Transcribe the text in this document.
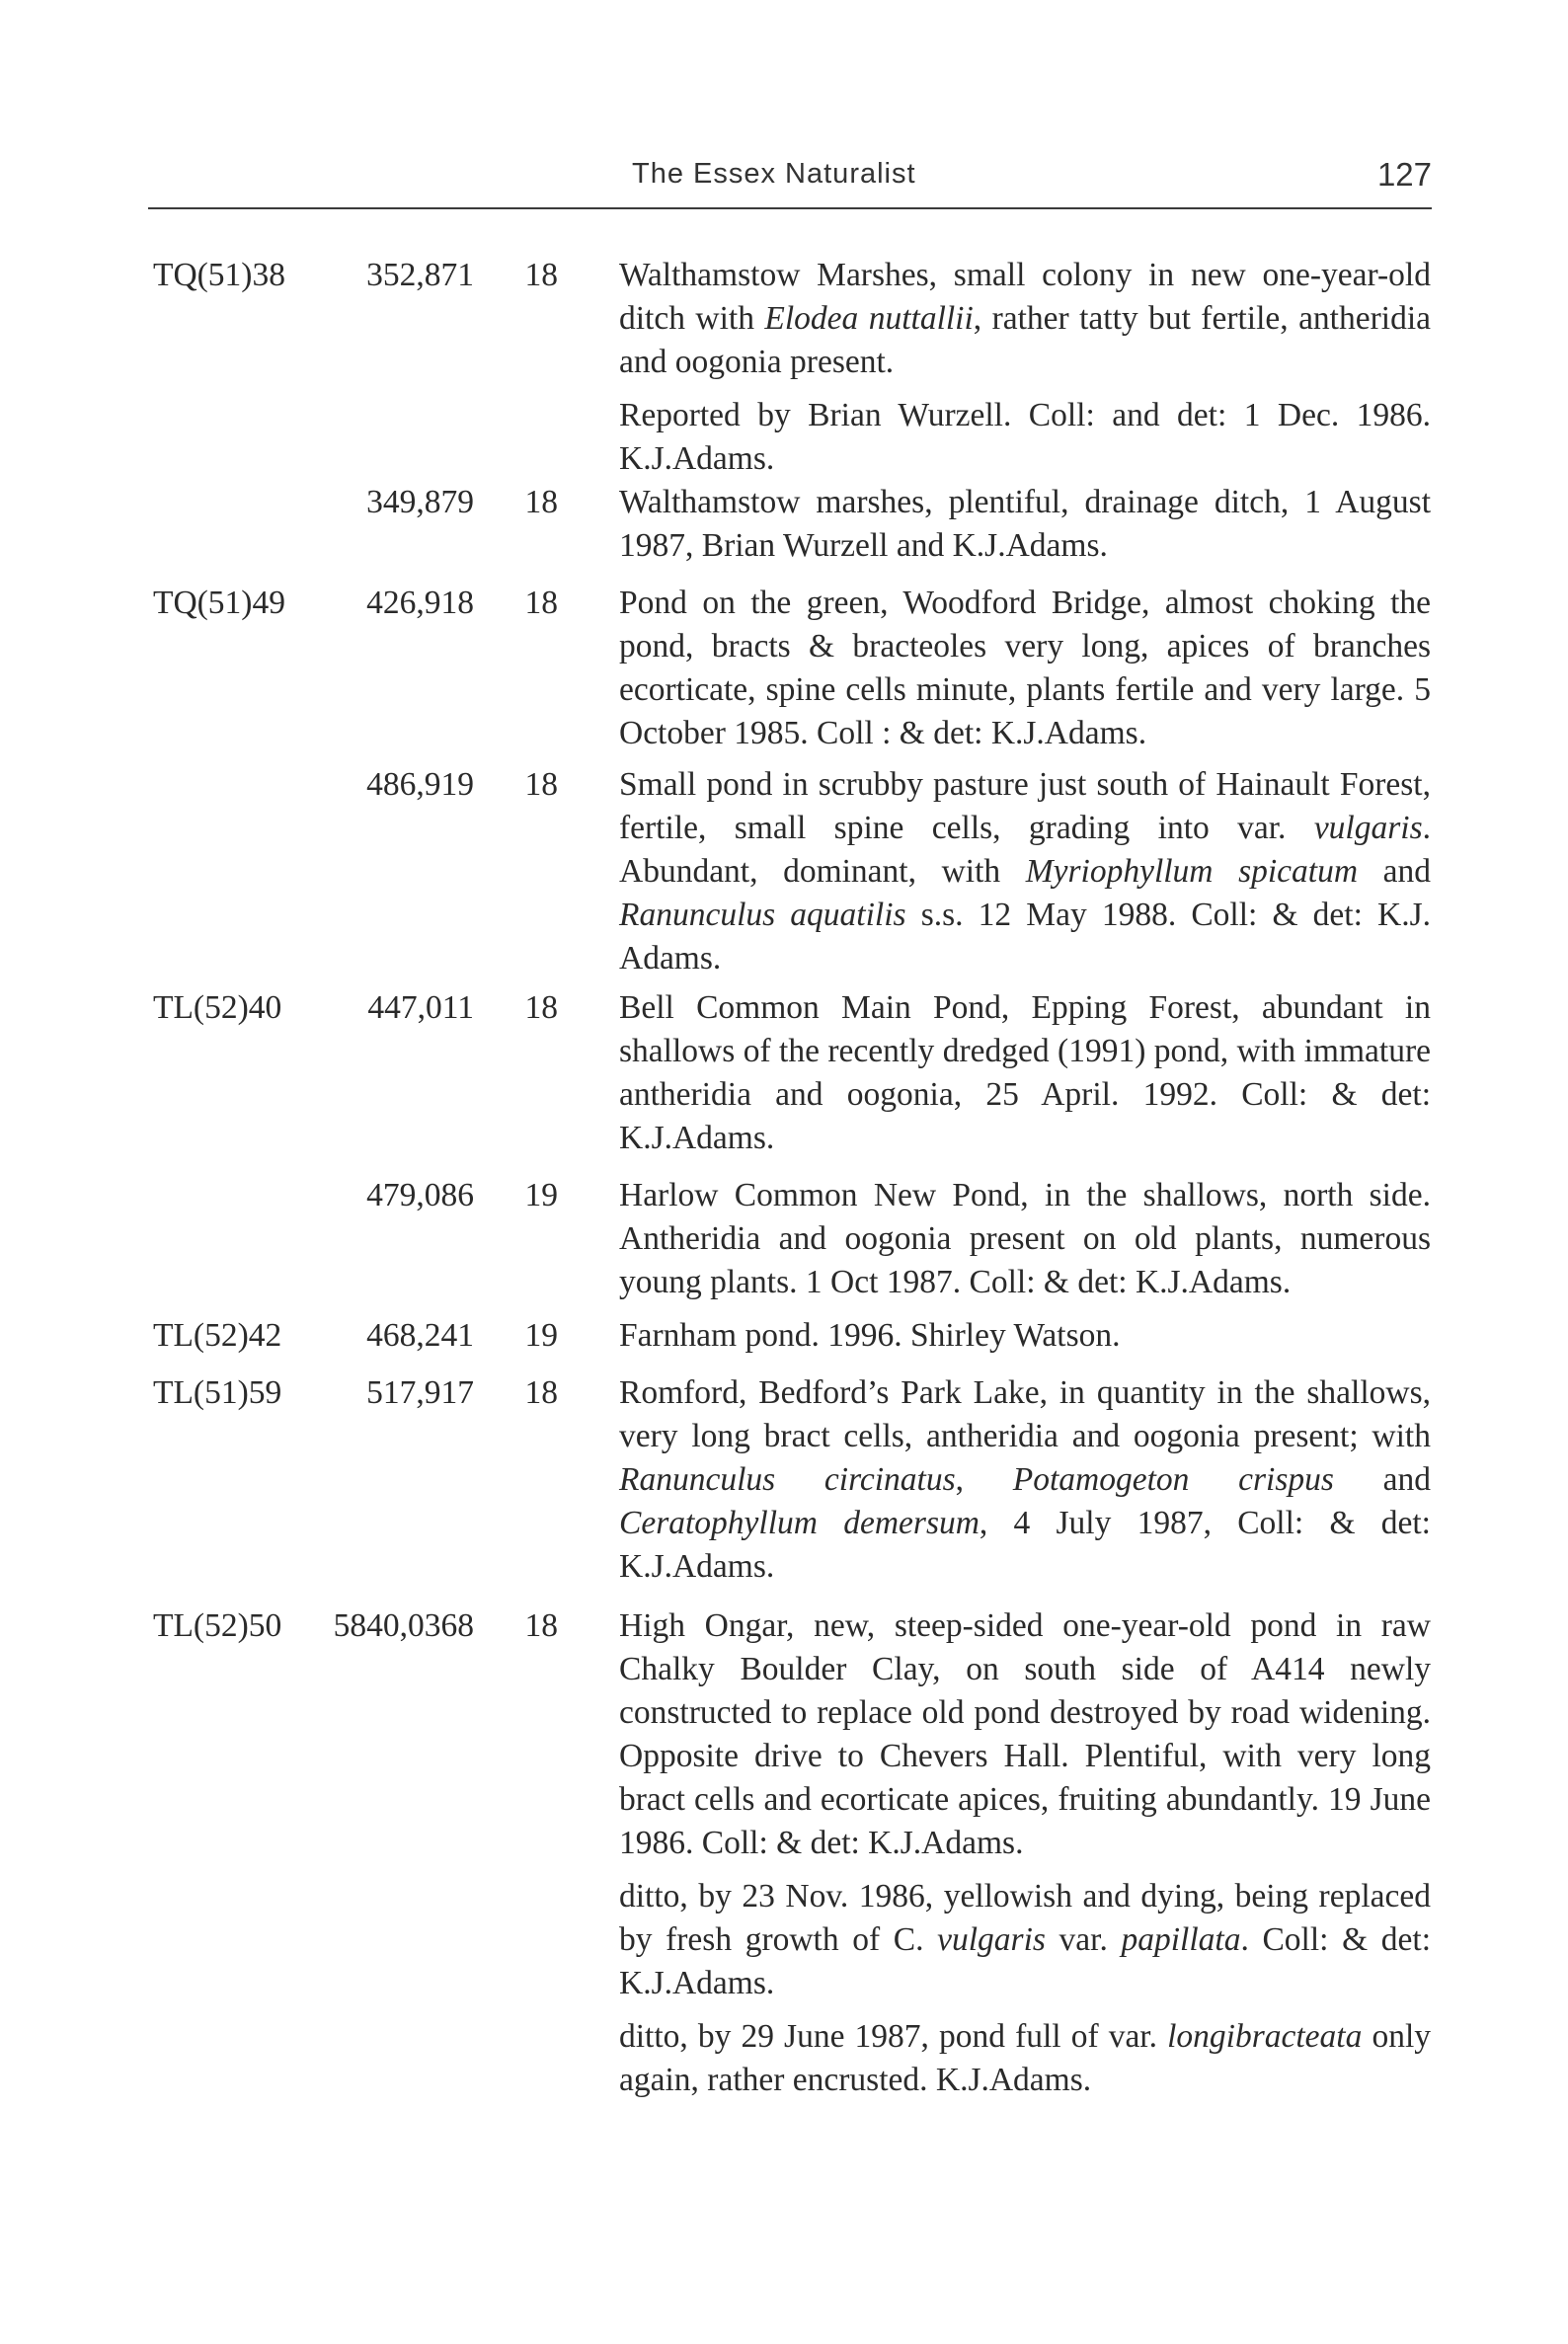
The Essex Naturalist	127
TQ(51)38 352,871 18 Walthamstow Marshes, small colony in new one-year-old ditch with Elodea nuttallii, rather tatty but fertile, antheridia and oogonia present.

Reported by Brian Wurzell. Coll: and det: 1 Dec. 1986. K.J.Adams.

349,879 18 Walthamstow marshes, plentiful, drainage ditch, 1 August 1987, Brian Wurzell and K.J.Adams.

TQ(51)49 426,918 18 Pond on the green, Woodford Bridge, almost choking the pond, bracts & bracteoles very long, apices of branches ecorticate, spine cells minute, plants fertile and very large. 5 October 1985. Coll : & det: K.J.Adams.

486,919 18 Small pond in scrubby pasture just south of Hainault Forest, fertile, small spine cells, grading into var. vulgaris. Abundant, dominant, with Myriophyllum spicatum and Ranunculus aquatilis s.s. 12 May 1988. Coll: & det: K.J. Adams.

TL(52)40	447,011 18 Bell Common Main Pond, Epping Forest, abundant in shallows of the recently dredged (1991) pond, with immature antheridia and oogonia, 25 April. 1992. Coll: & det: K.J.Adams.

479,086 19 Harlow Common New Pond, in the shallows, north side. Antheridia and oogonia present on old plants, numerous young plants. 1 Oct 1987. Coll: & det: K.J.Adams.

TL(52)42	468,241 19 Farnham pond. 1996. Shirley Watson.

TL(51)59	517,917 18 Romford, Bedford’s Park Lake, in quantity in the shallows, very long bract cells, antheridia and oogonia present; with Ranunculus circinatus, Potamogeton crispus and Ceratophyllum demersum, 4 July 1987, Coll: & det: K.J.Adams.

TL(52)50 5840,0368 18 High Ongar, new, steep-sided one-year-old pond in raw Chalky Boulder Clay, on south side of A414 newly constructed to replace old pond destroyed by road widening. Opposite drive to Chevers Hall. Plentiful, with very long bract cells and ecorticate apices, fruiting abundantly. 19 June 1986. Coll: & det: K.J.Adams.

ditto, by 23 Nov. 1986, yellowish and dying, being replaced by fresh growth of C. vulgaris var. papillata. Coll: & det: K.J.Adams.

ditto, by 29 June 1987, pond full of var. longibracteata only again, rather encrusted. K.J.Adams.
